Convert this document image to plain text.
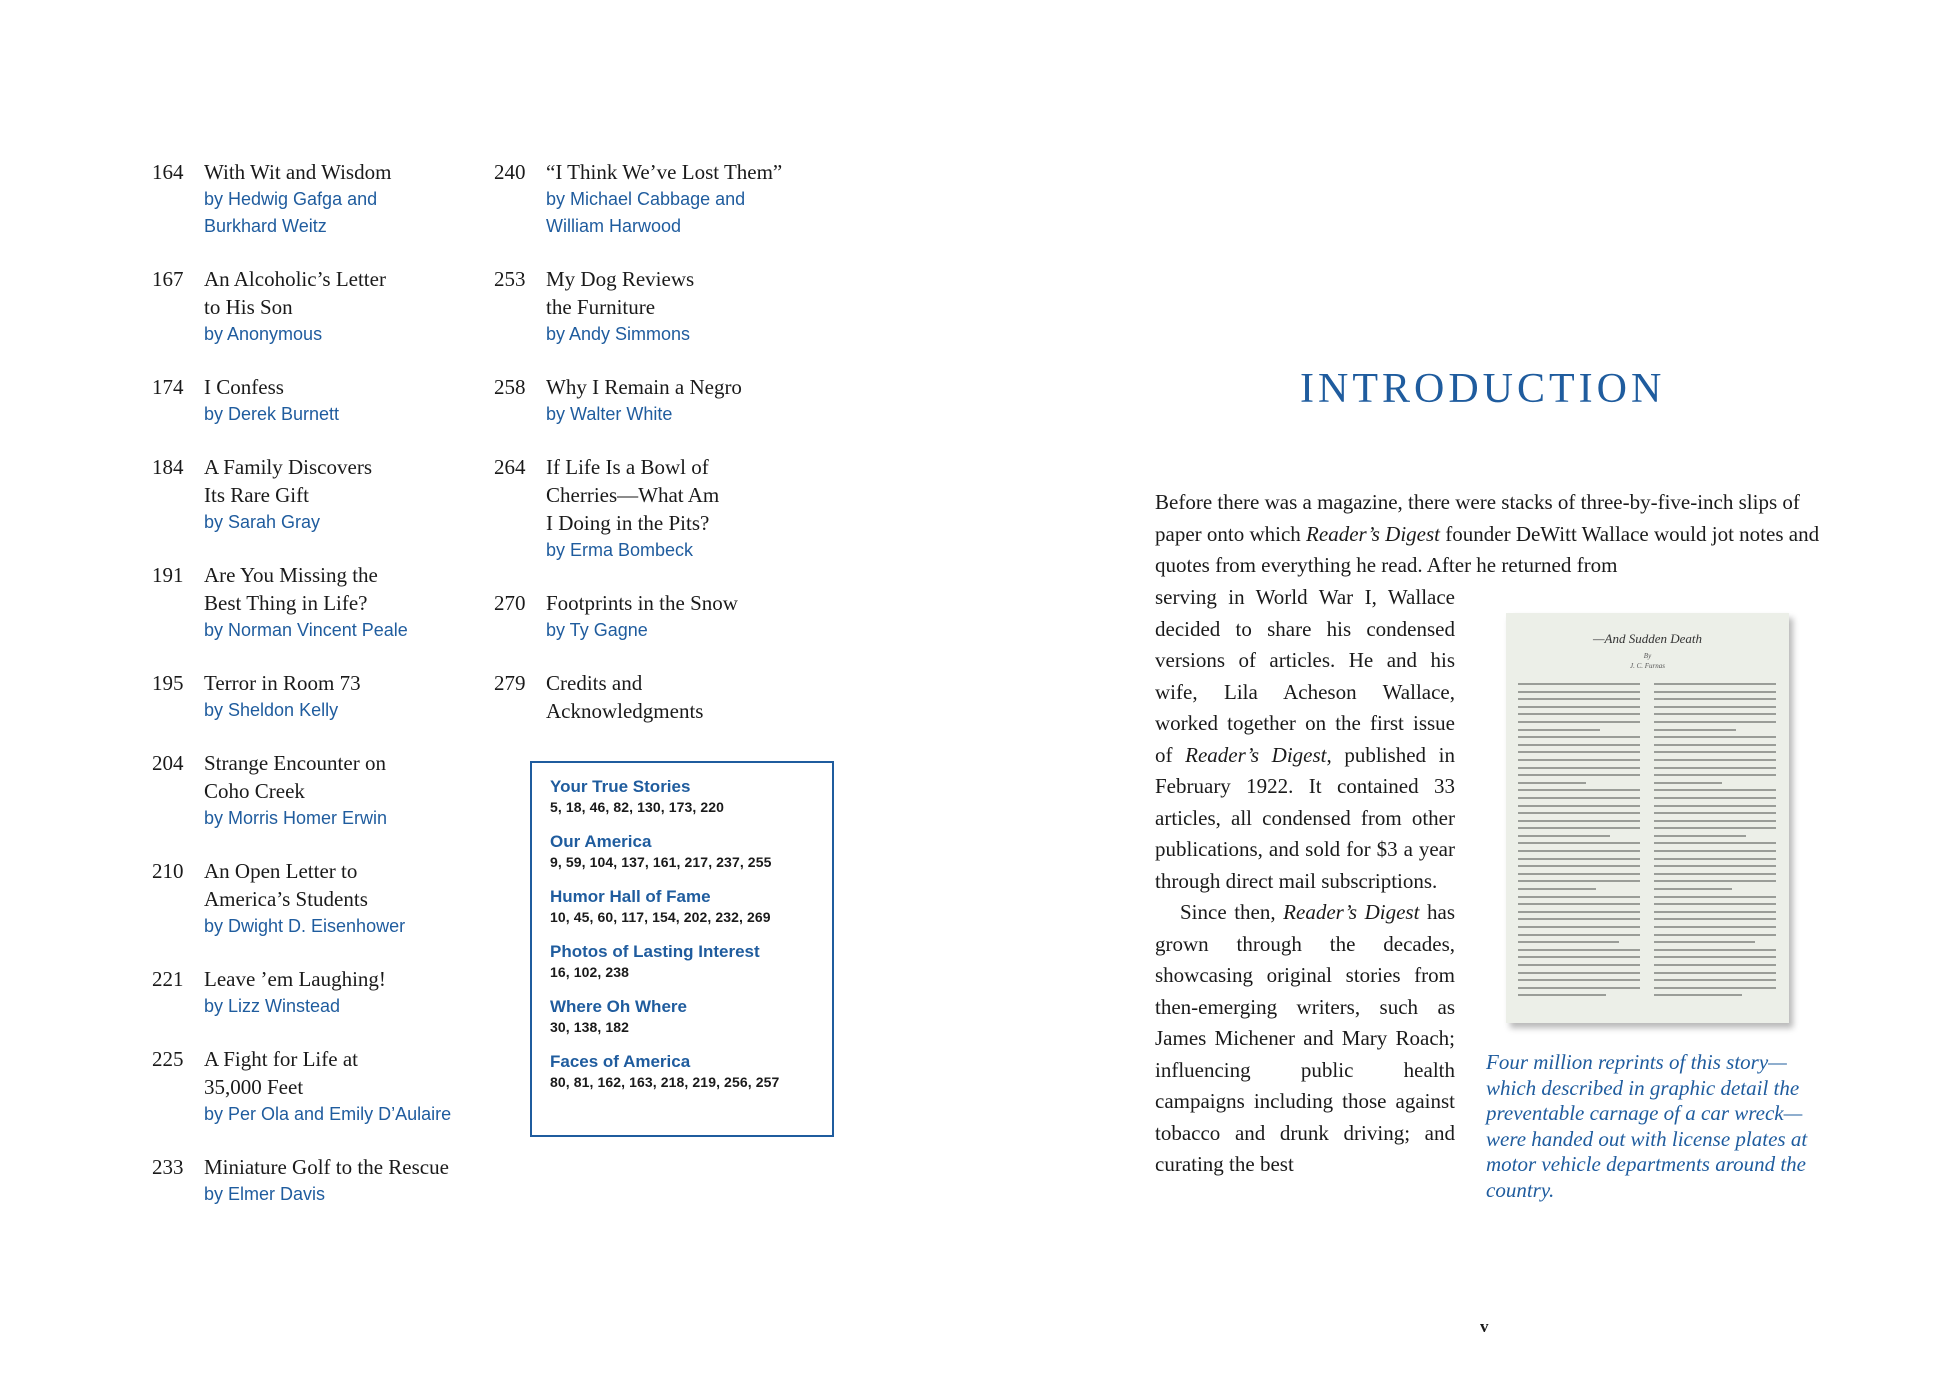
164 With Wit and Wisdom
by Hedwig Gafga and
Burkhard Weitz
167 An Alcoholic’s Letter
to His Son
by Anonymous
174 I Confess
by Derek Burnett
184 A Family Discovers
Its Rare Gift
by Sarah Gray
191 Are You Missing the
Best Thing in Life?
by Norman Vincent Peale
195 Terror in Room 73
by Sheldon Kelly
204 Strange Encounter on
Coho Creek
by Morris Homer Erwin
210 An Open Letter to
America’s Students
by Dwight D. Eisenhower
221 Leave ’em Laughing!
by Lizz Winstead
225 A Fight for Life at
35,000 Feet
by Per Ola and Emily D’Aulaire
233 Miniature Golf to the Rescue
by Elmer Davis
240 “I Think We’ve Lost Them”
by Michael Cabbage and
William Harwood
253 My Dog Reviews
the Furniture
by Andy Simmons
258 Why I Remain a Negro
by Walter White
264 If Life Is a Bowl of
Cherries—What Am
I Doing in the Pits?
by Erma Bombeck
270 Footprints in the Snow
by Ty Gagne
279 Credits and
Acknowledgments
Your True Stories
5, 18, 46, 82, 130, 173, 220
Our America
9, 59, 104, 137, 161, 217, 237, 255
Humor Hall of Fame
10, 45, 60, 117, 154, 202, 232, 269
Photos of Lasting Interest
16, 102, 238
Where Oh Where
30, 138, 182
Faces of America
80, 81, 162, 163, 218, 219, 256, 257
INTRODUCTION

Before there was a magazine, there were stacks of three-by-five-inch slips of paper onto which Reader’s Digest founder DeWitt Wallace would jot notes and quotes from everything he read. After he returned from

serving in World War I, Wallace decided to share his condensed versions of articles. He and his wife, Lila Acheson Wallace, worked together on the first issue of Reader’s Digest, published in February 1922. It contained 33 articles, all condensed from other publications, and sold for $3 a year through direct mail subscriptions.

Since then, Reader’s Digest has grown through the decades, showcasing original stories from then-emerging writers, such as James Michener and Mary Roach; influencing public health campaigns including those against tobacco and drunk driving; and curating the best

—And Sudden Death
By
J. C. Furnas

Four million reprints of this story—which described in graphic detail the preventable carnage of a car wreck—were handed out with license plates at motor vehicle departments around the country.

v
